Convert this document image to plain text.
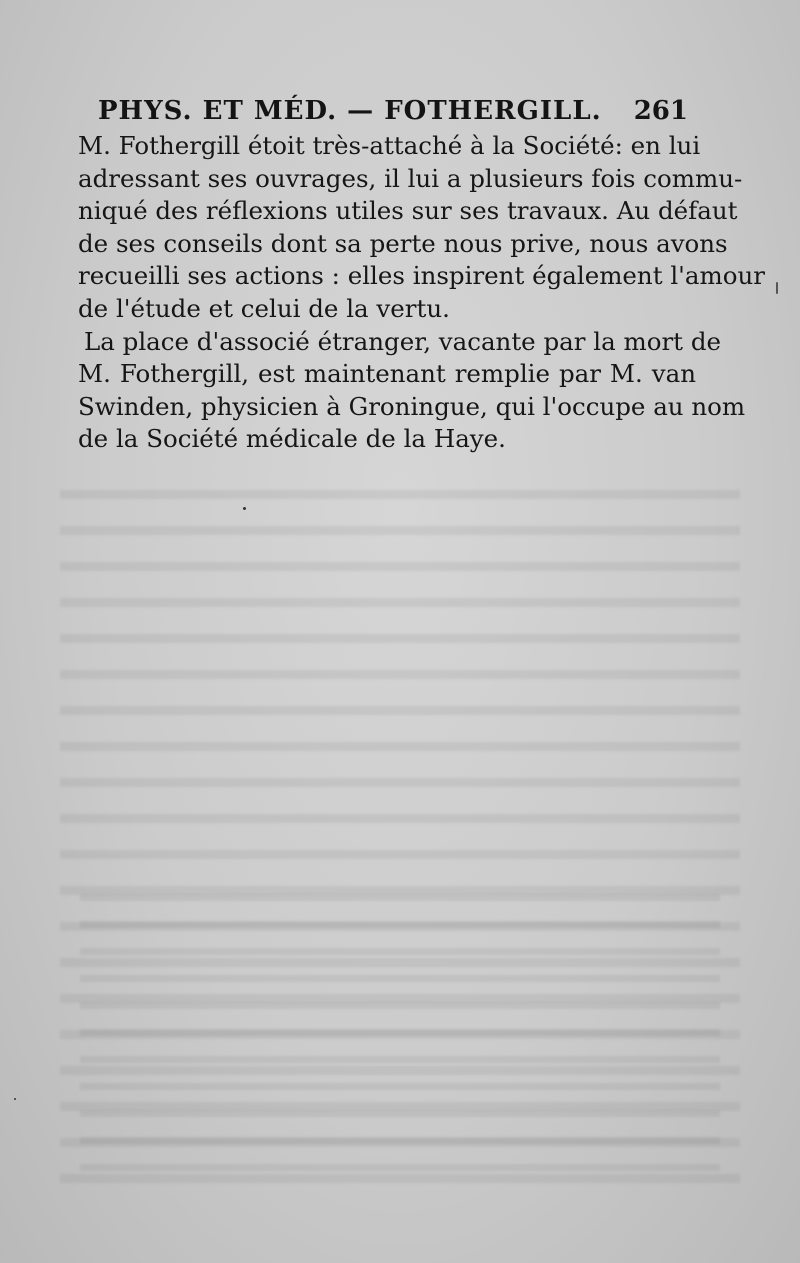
PHYS. ET MÉD. — FOTHERGILL. 261
M. Fothergill étoit très-attaché à la Société: en lui
adressant ses ouvrages, il lui a plusieurs fois commu-
niqué des réflexions utiles sur ses travaux. Au défaut
de ses conseils dont sa perte nous prive, nous avons
recueilli ses actions : elles inspirent également l'amour
de l'étude et celui de la vertu.
La place d'associé étranger, vacante par la mort de
M. Fothergill, est maintenant remplie par M. van
Swinden, physicien à Groningue, qui l'occupe au nom
de la Société médicale de la Haye.
